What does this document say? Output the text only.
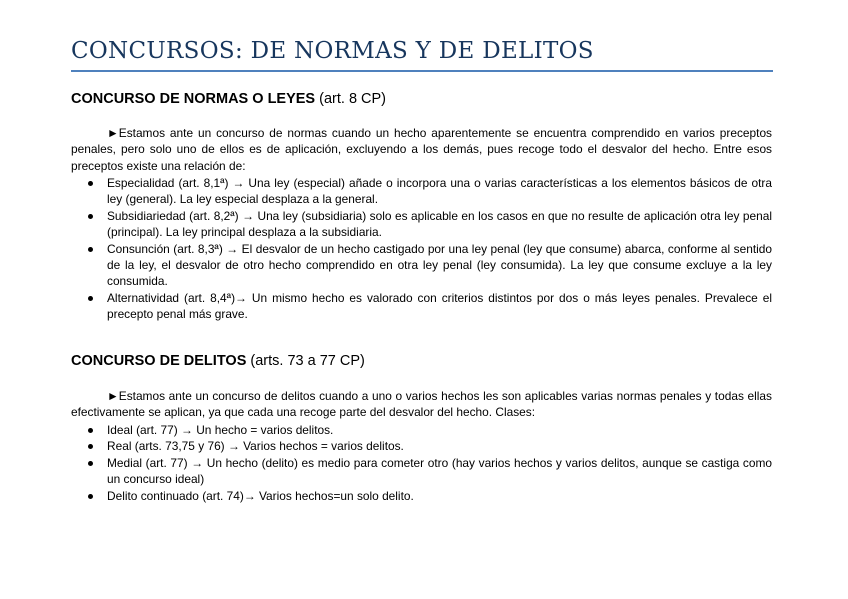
CONCURSOS: DE NORMAS Y DE DELITOS
CONCURSO DE NORMAS O LEYES (art. 8 CP)

►Estamos ante un concurso de normas cuando un hecho aparentemente se encuentra comprendido en varios preceptos penales, pero solo uno de ellos es de aplicación, excluyendo a los demás, pues recoge todo el desvalor del hecho. Entre esos preceptos existe una relación de:

Especialidad (art. 8,1ª) → Una ley (especial) añade o incorpora una o varias características a los elementos básicos de otra ley (general). La ley especial desplaza a la general.
Subsidiariedad (art. 8,2ª) → Una ley (subsidiaria) solo es aplicable en los casos en que no resulte de aplicación otra ley penal (principal). La ley principal desplaza a la subsidiaria.
Consunción (art. 8,3ª) → El desvalor de un hecho castigado por una ley penal (ley que consume) abarca, conforme al sentido de la ley, el desvalor de otro hecho comprendido en otra ley penal (ley consumida). La ley que consume excluye a la ley consumida.
Alternatividad (art. 8,4ª)→ Un mismo hecho es valorado con criterios distintos por dos o más leyes penales. Prevalece el precepto penal más grave.
CONCURSO DE DELITOS (arts. 73 a 77 CP)

►Estamos ante un concurso de delitos cuando a uno o varios hechos les son aplicables varias normas penales y todas ellas efectivamente se aplican, ya que cada una recoge parte del desvalor del hecho. Clases:

Ideal (art. 77) → Un hecho = varios delitos.
Real (arts. 73,75 y 76) → Varios hechos = varios delitos.
Medial (art. 77) → Un hecho (delito) es medio para cometer otro (hay varios hechos y varios delitos, aunque se castiga como un concurso ideal)
Delito continuado (art. 74)→ Varios hechos=un solo delito.
